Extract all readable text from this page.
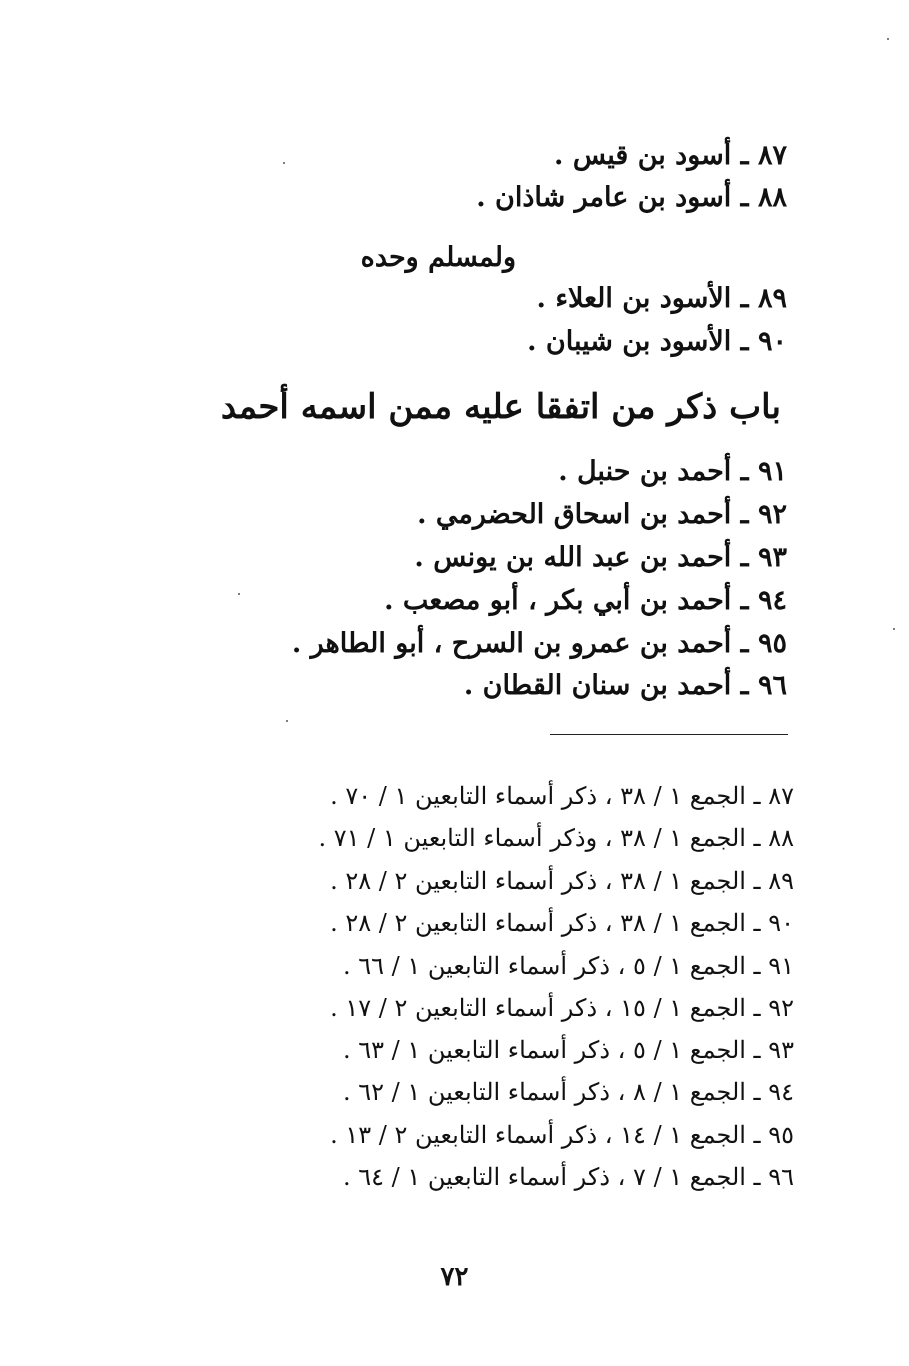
٨٧ ـ أسود بن قيس .
٨٨ ـ أسود بن عامر شاذان .
ولمسلم وحده
٨٩ ـ الأسود بن العلاء .
٩٠ ـ الأسود بن شيبان .
باب ذكر من اتفقا عليه ممن اسمه أحمد
٩١ ـ أحمد بن حنبل .
٩٢ ـ أحمد بن اسحاق الحضرمي .
٩٣ ـ أحمد بن عبد الله بن يونس .
٩٤ ـ أحمد بن أبي بكر ، أبو مصعب .
٩٥ ـ أحمد بن عمرو بن السرح ، أبو الطاهر .
٩٦ ـ أحمد بن سنان القطان .
٨٧ ـ الجمع ١ / ٣٨ ، ذكر أسماء التابعين ١ / ٧٠ .
٨٨ ـ الجمع ١ / ٣٨ ، وذكر أسماء التابعين ١ / ٧١ .
٨٩ ـ الجمع ١ / ٣٨ ، ذكر أسماء التابعين ٢ / ٢٨ .
٩٠ ـ الجمع ١ / ٣٨ ، ذكر أسماء التابعين ٢ / ٢٨ .
٩١ ـ الجمع ١ / ٥ ، ذكر أسماء التابعين ١ / ٦٦ .
٩٢ ـ الجمع ١ / ١٥ ، ذكر أسماء التابعين ٢ / ١٧ .
٩٣ ـ الجمع ١ / ٥ ، ذكر أسماء التابعين ١ / ٦٣ .
٩٤ ـ الجمع ١ / ٨ ، ذكر أسماء التابعين ١ / ٦٢ .
٩٥ ـ الجمع ١ / ١٤ ، ذكر أسماء التابعين ٢ / ١٣ .
٩٦ ـ الجمع ١ / ٧ ، ذكر أسماء التابعين ١ / ٦٤ .
٧٢
